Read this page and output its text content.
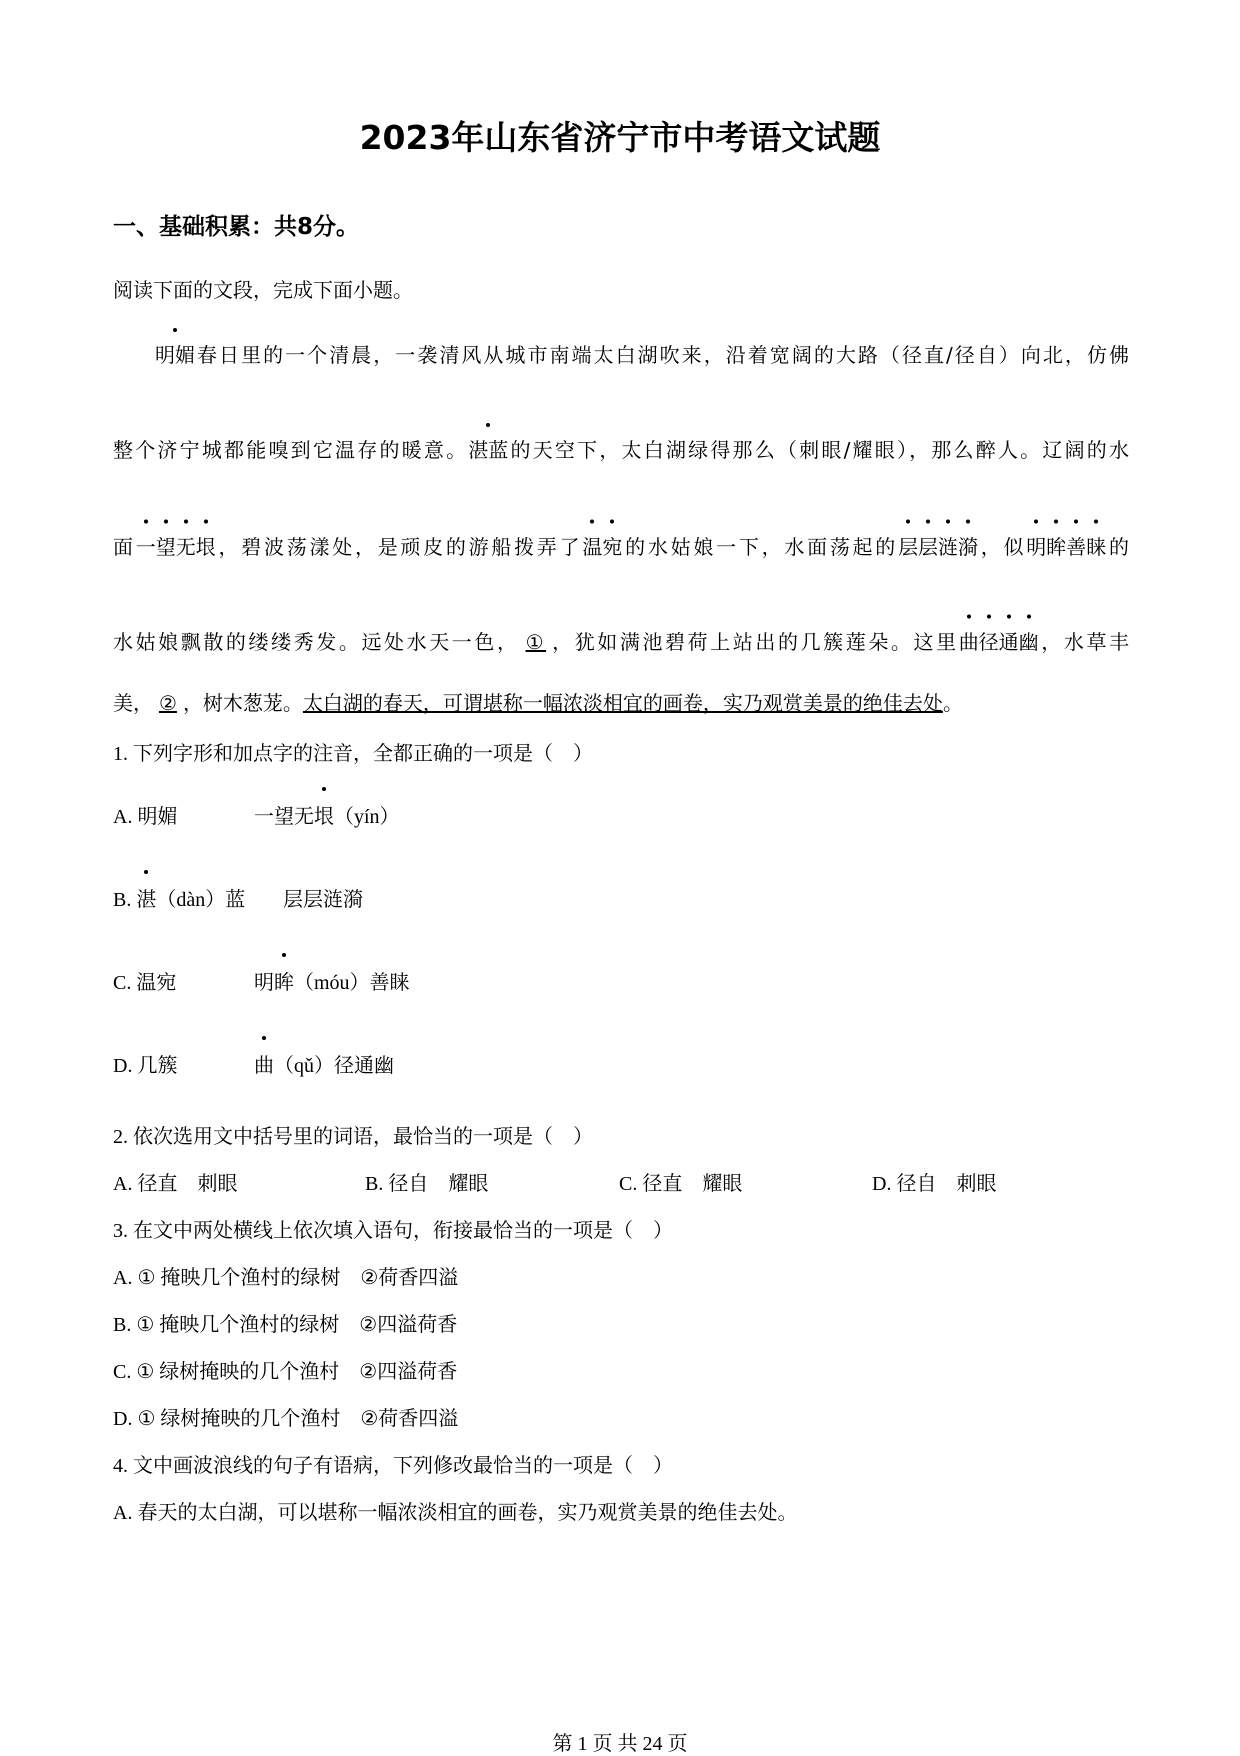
2023年山东省济宁市中考语文试题
一、基础积累：共8分。
阅读下面的文段，完成下面小题。
明媚春日里的一个清晨，一袭清风从城市南端太白湖吹来，沿着宽阔的大路（径直/径自）向北，仿佛
整个济宁城都能嗅到它温存的暖意。湛蓝的天空下，太白湖绿得那么（刺眼/耀眼），那么醉人。辽阔的水
面一望无垠，碧波荡漾处，是顽皮的游船拨弄了温宛的水姑娘一下，水面荡起的层层涟漪，似明眸善睐的
水姑娘飘散的缕缕秀发。远处水天一色， ① ，犹如满池碧荷上站出的几簇莲朵。这里曲径通幽，水草丰
美， ② ，树木葱茏。太白湖的春天，可谓堪称一幅浓淡相宜的画卷，实乃观赏美景的绝佳去处。
1. 下列字形和加点字的注音，全都正确的一项是（　）
A. 明媚	一望无垠（yín）
B. 湛（dàn）蓝 层层涟漪
C. 温宛	明眸（móu）善睐
D. 几簇	曲（qǔ）径通幽
2. 依次选用文中括号里的词语，最恰当的一项是（　）
A. 径直　刺眼	B. 径自　耀眼	C. 径直　耀眼	D. 径自　刺眼
3. 在文中两处横线上依次填入语句，衔接最恰当的一项是（　）
A. ① 掩映几个渔村的绿树　②荷香四溢
B. ① 掩映几个渔村的绿树　②四溢荷香
C. ① 绿树掩映的几个渔村　②四溢荷香
D. ① 绿树掩映的几个渔村　②荷香四溢
4. 文中画波浪线的句子有语病，下列修改最恰当的一项是（　）
A. 春天的太白湖，可以堪称一幅浓淡相宜的画卷，实乃观赏美景的绝佳去处。
第 1 页 共 24 页
